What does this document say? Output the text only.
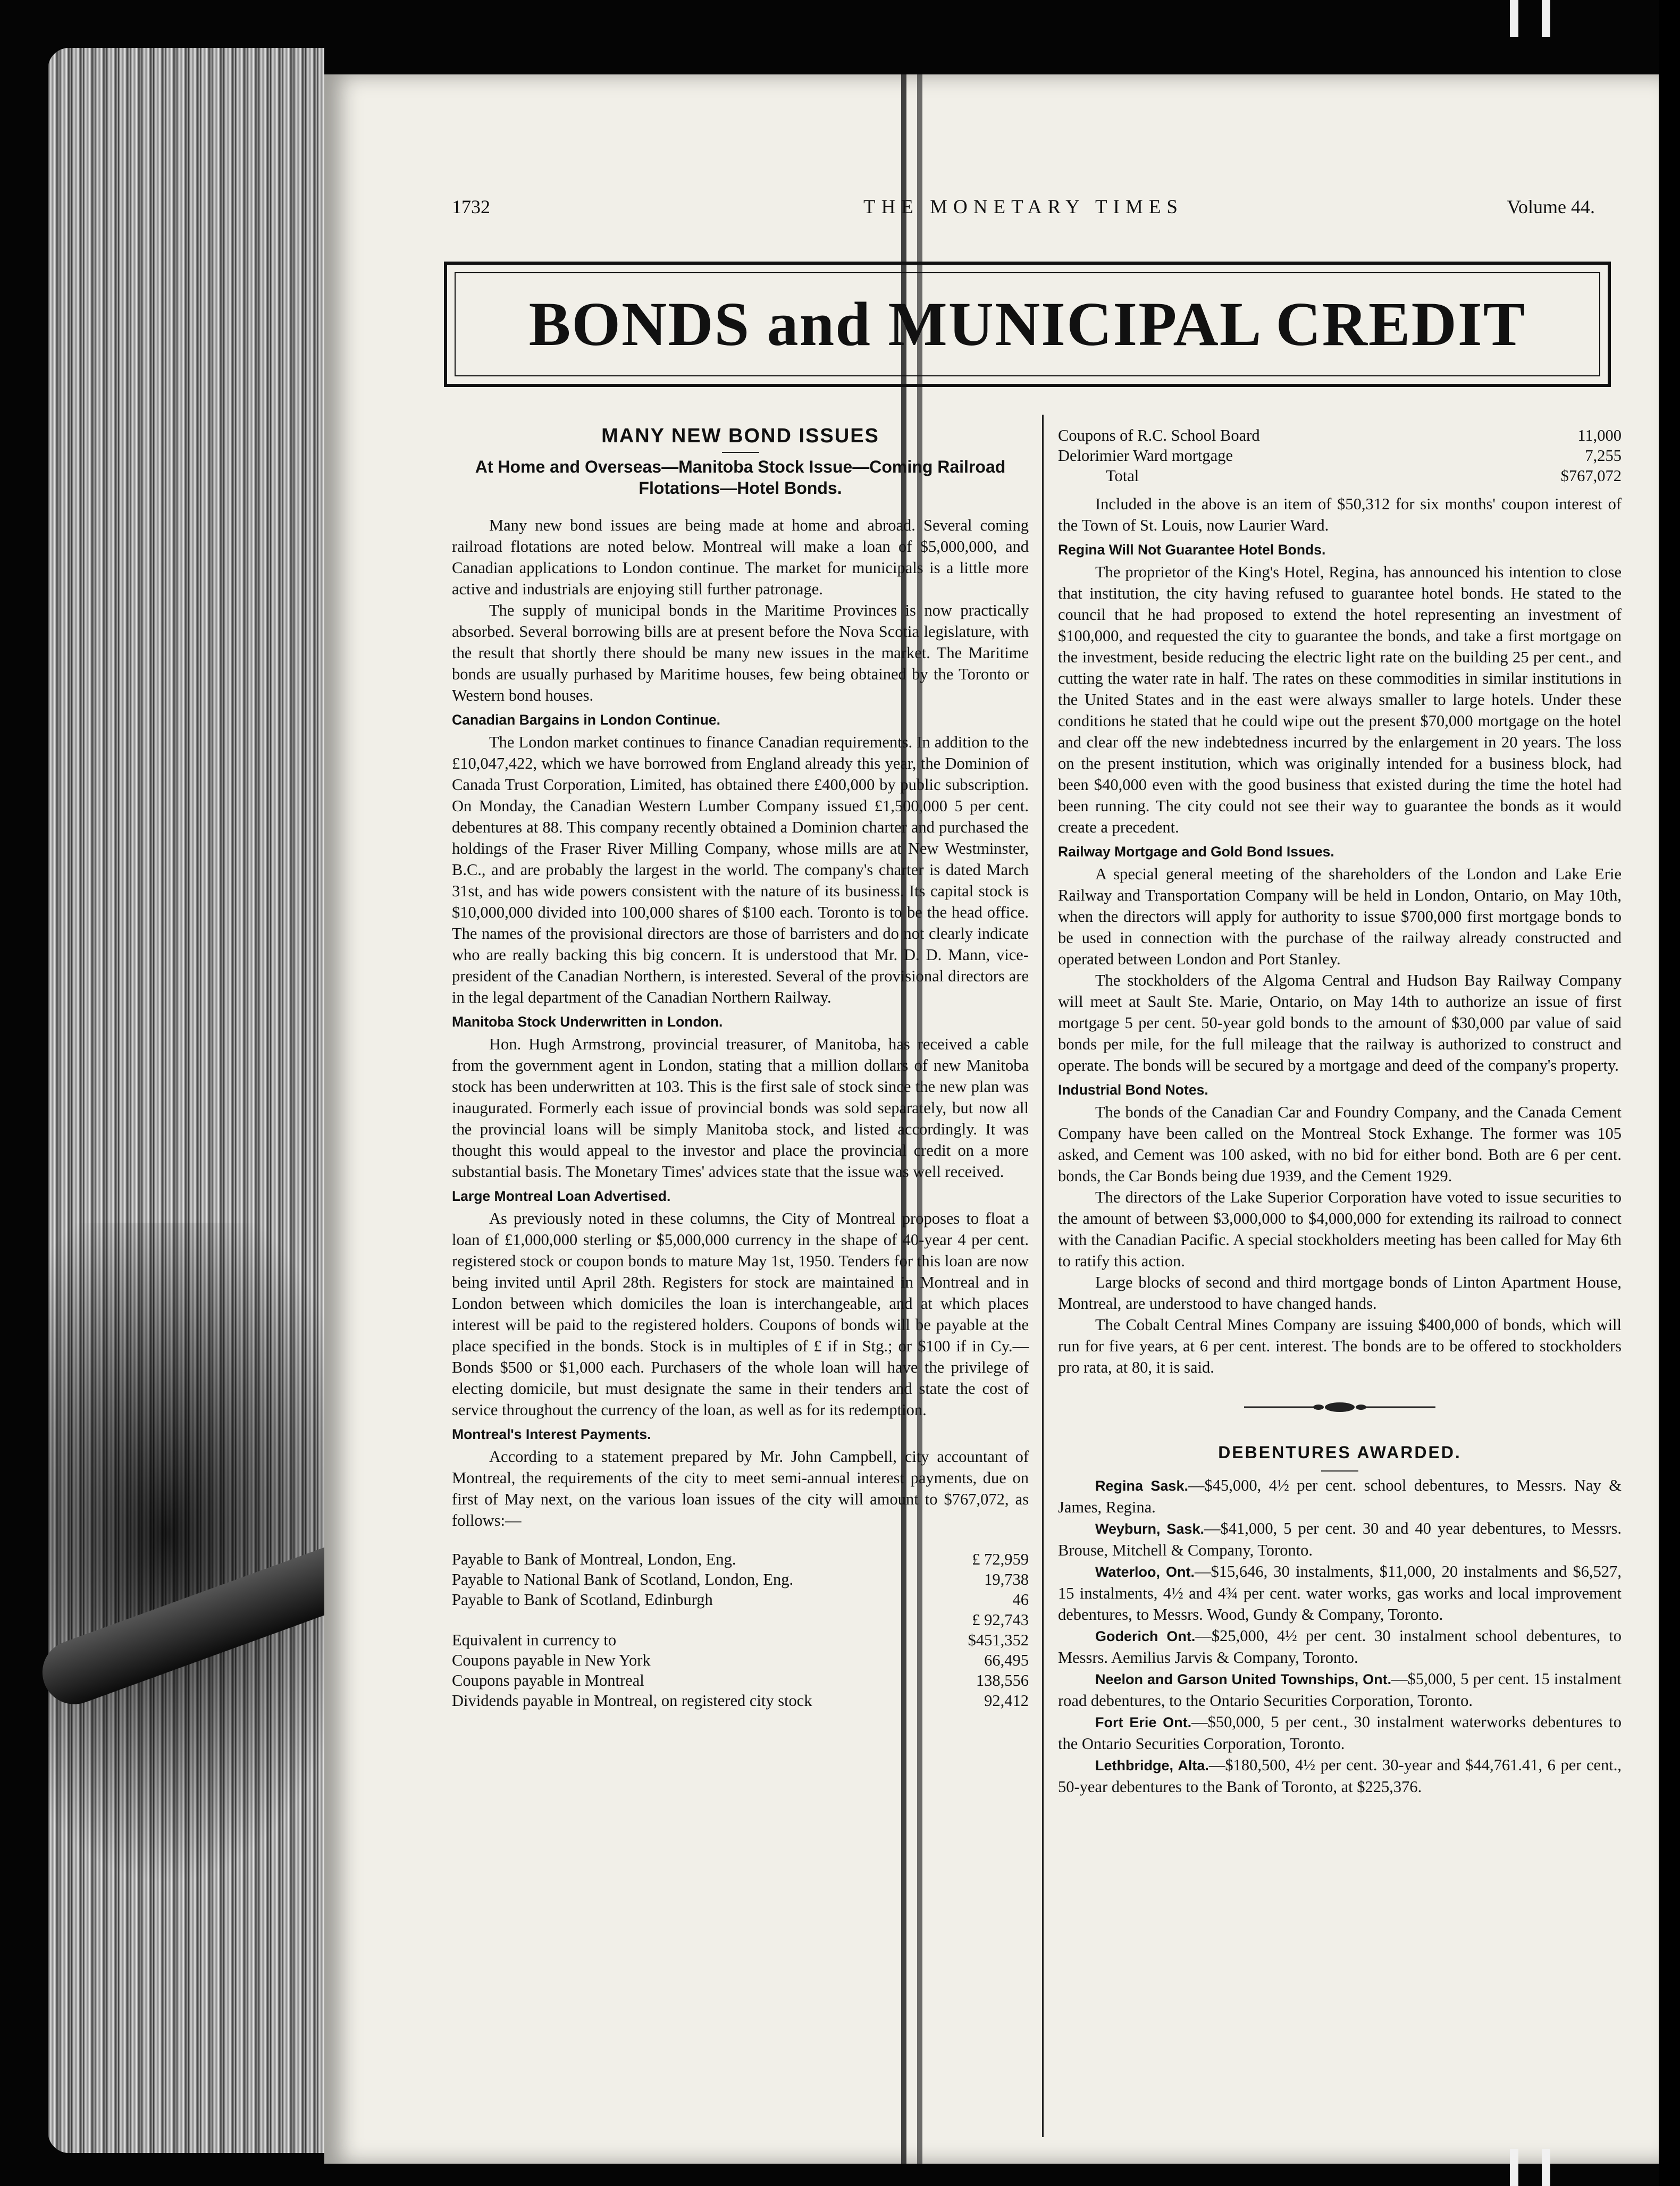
1732	THE MONETARY TIMES	Volume 44.
BONDS and MUNICIPAL CREDIT
MANY NEW BOND ISSUES
At Home and Overseas—Manitoba Stock Issue—Coming Railroad Flotations—Hotel Bonds.

Many new bond issues are being made at home and abroad. Several coming railroad flotations are noted below. Montreal will make a loan of $5,000,000, and Canadian applications to London continue. The market for municipals is a little more active and industrials are enjoying still further patronage.

The supply of municipal bonds in the Maritime Provinces is now practically absorbed. Several borrowing bills are at present before the Nova Scotia legislature, with the result that shortly there should be many new issues in the market. The Maritime bonds are usually purhased by Maritime houses, few being obtained by the Toronto or Western bond houses.

Canadian Bargains in London Continue.

The London market continues to finance Canadian requirements. In addition to the £10,047,422, which we have borrowed from England already this year, the Dominion of Canada Trust Corporation, Limited, has obtained there £400,000 by public subscription. On Monday, the Canadian Western Lumber Company issued £1,500,000 5 per cent. debentures at 88. This company recently obtained a Dominion charter and purchased the holdings of the Fraser River Milling Company, whose mills are at New Westminster, B.C., and are probably the largest in the world. The company's charter is dated March 31st, and has wide powers consistent with the nature of its business. Its capital stock is $10,000,000 divided into 100,000 shares of $100 each. Toronto is to be the head office. The names of the provisional directors are those of barristers and do not clearly indicate who are really backing this big concern. It is understood that Mr. D. D. Mann, vice-president of the Canadian Northern, is interested. Several of the provisional directors are in the legal department of the Canadian Northern Railway.

Manitoba Stock Underwritten in London.

Hon. Hugh Armstrong, provincial treasurer, of Manitoba, has received a cable from the government agent in London, stating that a million dollars of new Manitoba stock has been underwritten at 103. This is the first sale of stock since the new plan was inaugurated. Formerly each issue of provincial bonds was sold separately, but now all the provincial loans will be simply Manitoba stock, and listed accordingly. It was thought this would appeal to the investor and place the provincial credit on a more substantial basis. The Monetary Times' advices state that the issue was well received.

Large Montreal Loan Advertised.

As previously noted in these columns, the City of Montreal proposes to float a loan of £1,000,000 sterling or $5,000,000 currency in the shape of 40-year 4 per cent. registered stock or coupon bonds to mature May 1st, 1950. Tenders for this loan are now being invited until April 28th. Registers for stock are maintained in Montreal and in London between which domiciles the loan is interchangeable, and at which places interest will be paid to the registered holders. Coupons of bonds will be payable at the place specified in the bonds. Stock is in multiples of £ if in Stg.; or $100 if in Cy.—Bonds $500 or $1,000 each. Purchasers of the whole loan will have the privilege of electing domicile, but must designate the same in their tenders and state the cost of service throughout the currency of the loan, as well as for its redemption.

Montreal's Interest Payments.

According to a statement prepared by Mr. John Campbell, city accountant of Montreal, the requirements of the city to meet semi-annual interest payments, due on first of May next, on the various loan issues of the city will amount to $767,072, as follows:—

Payable to Bank of Montreal, London, Eng.	£ 72,959
Payable to National Bank of Scotland, London, Eng.	19,738
Payable to Bank of Scotland, Edinburgh	46
	£ 92,743
Equivalent in currency to	$451,352
Coupons payable in New York	66,495
Coupons payable in Montreal	138,556
Dividends payable in Montreal, on registered city stock	92,412
Coupons of R.C. School Board	11,000
Delorimier Ward mortgage	7,255
Total	$767,072

Included in the above is an item of $50,312 for six months' coupon interest of the Town of St. Louis, now Laurier Ward.

Regina Will Not Guarantee Hotel Bonds.

The proprietor of the King's Hotel, Regina, has announced his intention to close that institution, the city having refused to guarantee hotel bonds. He stated to the council that he had proposed to extend the hotel representing an investment of $100,000, and requested the city to guarantee the bonds, and take a first mortgage on the investment, beside reducing the electric light rate on the building 25 per cent., and cutting the water rate in half. The rates on these commodities in similar institutions in the United States and in the east were always smaller to large hotels. Under these conditions he stated that he could wipe out the present $70,000 mortgage on the hotel and clear off the new indebtedness incurred by the enlargement in 20 years. The loss on the present institution, which was originally intended for a business block, had been $40,000 even with the good business that existed during the time the hotel had been running. The city could not see their way to guarantee the bonds as it would create a precedent.

Railway Mortgage and Gold Bond Issues.

A special general meeting of the shareholders of the London and Lake Erie Railway and Transportation Company will be held in London, Ontario, on May 10th, when the directors will apply for authority to issue $700,000 first mortgage bonds to be used in connection with the purchase of the railway already constructed and operated between London and Port Stanley.

The stockholders of the Algoma Central and Hudson Bay Railway Company will meet at Sault Ste. Marie, Ontario, on May 14th to authorize an issue of first mortgage 5 per cent. 50-year gold bonds to the amount of $30,000 par value of said bonds per mile, for the full mileage that the railway is authorized to construct and operate. The bonds will be secured by a mortgage and deed of the company's property.

Industrial Bond Notes.

The bonds of the Canadian Car and Foundry Company, and the Canada Cement Company have been called on the Montreal Stock Exhange. The former was 105 asked, and Cement was 100 asked, with no bid for either bond. Both are 6 per cent. bonds, the Car Bonds being due 1939, and the Cement 1929.

The directors of the Lake Superior Corporation have voted to issue securities to the amount of between $3,000,000 to $4,000,000 for extending its railroad to connect with the Canadian Pacific. A special stockholders meeting has been called for May 6th to ratify this action.

Large blocks of second and third mortgage bonds of Linton Apartment House, Montreal, are understood to have changed hands.

The Cobalt Central Mines Company are issuing $400,000 of bonds, which will run for five years, at 6 per cent. interest. The bonds are to be offered to stockholders pro rata, at 80, it is said.

DEBENTURES AWARDED.

Regina Sask.—$45,000, 4½ per cent. school debentures, to Messrs. Nay & James, Regina.

Weyburn, Sask.—$41,000, 5 per cent. 30 and 40 year debentures, to Messrs. Brouse, Mitchell & Company, Toronto.

Waterloo, Ont.—$15,646, 30 instalments, $11,000, 20 instalments and $6,527, 15 instalments, 4½ and 4¾ per cent. water works, gas works and local improvement debentures, to Messrs. Wood, Gundy & Company, Toronto.

Goderich Ont.—$25,000, 4½ per cent. 30 instalment school debentures, to Messrs. Aemilius Jarvis & Company, Toronto.

Neelon and Garson United Townships, Ont.—$5,000, 5 per cent. 15 instalment road debentures, to the Ontario Securities Corporation, Toronto.

Fort Erie Ont.—$50,000, 5 per cent., 30 instalment waterworks debentures to the Ontario Securities Corporation, Toronto.

Lethbridge, Alta.—$180,500, 4½ per cent. 30-year and $44,761.41, 6 per cent., 50-year debentures to the Bank of Toronto, at $225,376.
